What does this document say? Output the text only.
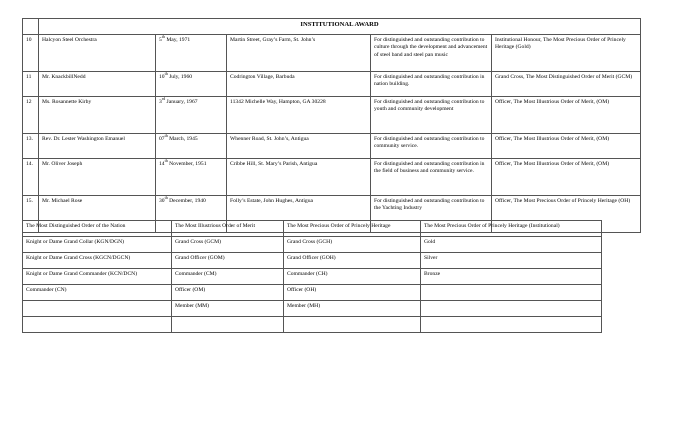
	INSTITUTIONAL AWARD				
10	Halcyon Steel Orchestra	5th May, 1971	Martin Street, Gray’s Farm, St. John’s	For distinguished and outstanding contribution to culture through the development and advancement of steel band and steel pan music	Institutional Honour, The Most Precious Order of Princely Heritage (Gold)
11	Mr. KnackbillNedd	10th July, 1960	Codrington Village, Barbuda	For distinguished and outstanding contribution in nation building.	Grand Cross, The Most Distinguished Order of Merit (GCM)
12	Ms. Rosannette Kirby	3rd January, 1967	11342 Michelle Way, Hampton, GA 30228	For distinguished and outstanding contribution to youth and community development	Officer, The Most Illustrious Order of Merit, (OM)
13.	Rev. Dr. Lester Washington Emanuel	07th March, 1945	Whenner Road, St. John’s, Antigua	For distinguished and outstanding contribution to community service.	Officer, The Most Illustrious Order of Merit, (OM)
14.	Mr. Oliver Joseph	14th November, 1951	Cribbe Hill, St. Mary’s Parish, Antigua	For distinguished and outstanding contribution in the field of business and community service.	Officer, The Most Illustrious Order of Merit, (OM)
15.	Mr. Michael Rose	30th December, 1940	Folly’s Estate, John Hughes, Antigua	For distinguished and outstanding contribution to the Yachting Industry	Officer, The Most Precious Order of Princely Heritage (OH)
The Most Distinguished Order of the Nation	The Most Illustrious Order of Merit	The Most Precious Order of Princely Heritage	The Most Precious Order of Princely Heritage (Institutional)
Knight or Dame Grand Collar (KGN/DGN)	Grand Cross (GCM)	Grand Cross (GCH)	Gold
Knight or Dame Grand Cross (KGCN/DGCN)	Grand Officer (GOM)	Grand Officer (GOH)	Silver
Knight or Dame Grand Commander (KCN/DCN)	Commander (CM)	Commander (CH)	Bronze
Commander (CN)	Officer (OM)	Officer (OH)	
	Member (MM)	Member (MH)	
